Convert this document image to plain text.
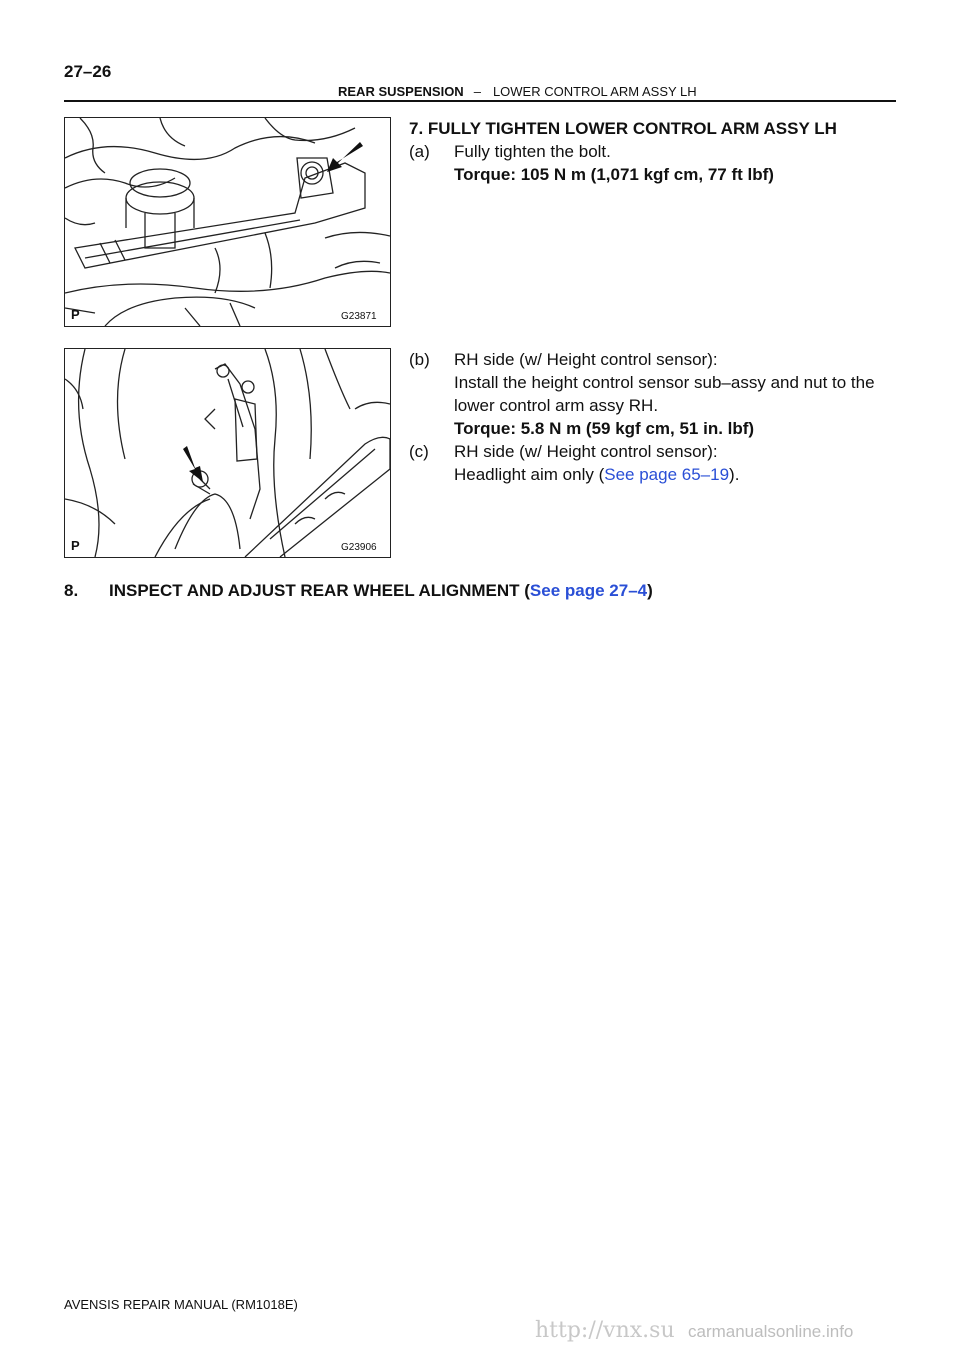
27–26
REAR SUSPENSION – LOWER CONTROL ARM ASSY LH
P	G23871
P	G23906
7. FULLY TIGHTEN LOWER CONTROL ARM ASSY LH
(a) Fully tighten the bolt.
Torque: 105 N m (1,071 kgf cm, 77 ft lbf)
(b) RH side (w/ Height control sensor):
Install the height control sensor sub–assy and nut to the
lower control arm assy RH.
Torque: 5.8 N m (59 kgf cm, 51 in. lbf)
(c) RH side (w/ Height control sensor):
Headlight aim only (See page 65–19).
8. INSPECT AND ADJUST REAR WHEEL ALIGNMENT (See page 27–4)
AVENSIS REPAIR MANUAL (RM1018E)
http://vnx.su carmanualsonline.info
